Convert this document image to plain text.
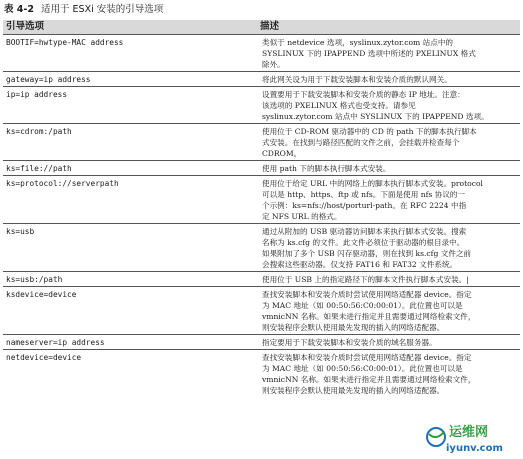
表 4-2 适用于 ESXi 安装的引导选项
引导选项	描述
BOOTIF=hwtype-MAC address	类似于 netdevice 选项，syslinux.zytor.com 站点中的
SYSLINUX 下的 IPAPPEND 选项中所述的 PXELINUX 格式
除外。

gateway=ip address	将此网关设为用于下载安装脚本和安装介质的默认网关。

ip=ip address	设置要用于下载安装脚本和安装介质的静态 IP 地址。注意：
该选项的 PXELINUX 格式也受支持。请参见
syslinux.zytor.com 站点中 SYSLINUX 下的 IPAPPEND 选项。

ks=cdrom:/path	使用位于 CD-ROM 驱动器中的 CD 的 path 下的脚本执行脚本
式安装。在找到与路径匹配的文件之前，会挂载并检查每个
CDROM。

ks=file://path	使用 path 下的脚本执行脚本式安装。

ks=protocol://serverpath	使用位于给定 URL 中的网络上的脚本执行脚本式安装。protocol
可以是 http、https、ftp 或 nfs。下面是使用 nfs 协议的一
个示例：ks=nfs://host/porturl-path。在 RFC 2224 中指
定 NFS URL 的格式。

ks=usb	通过从附加的 USB 驱动器访问脚本来执行脚本式安装。搜索
名称为 ks.cfg 的文件。此文件必须位于驱动器的根目录中。
如果附加了多个 USB 闪存驱动器，则在找到 ks.cfg 文件之前
会搜索这些驱动器。仅支持 FAT16 和 FAT32 文件系统。

ks=usb:/path	使用位于 USB 上的指定路径下的脚本文件执行脚本式安装。|

ksdevice=device	查找安装脚本和安装介质时尝试使用网络适配器 device。指定
为 MAC 地址（如 00:50:56:C0:00:01）。此位置也可以是
vmnicNN 名称。如果未进行指定并且需要通过网络检索文件，
则安装程序会默认使用最先发现的插入的网络适配器。

nameserver=ip address	指定要用于下载安装脚本和安装介质的域名服务器。

netdevice=device	查找安装脚本和安装介质时尝试使用网络适配器 device。指定
为 MAC 地址（如 00:50:56:C0:00:01）。此位置也可以是
vmnicNN 名称。如果未进行指定并且需要通过网络检索文件，
则安装程序会默认使用最先发现的插入的网络适配器。
运维网
iyunv.com
